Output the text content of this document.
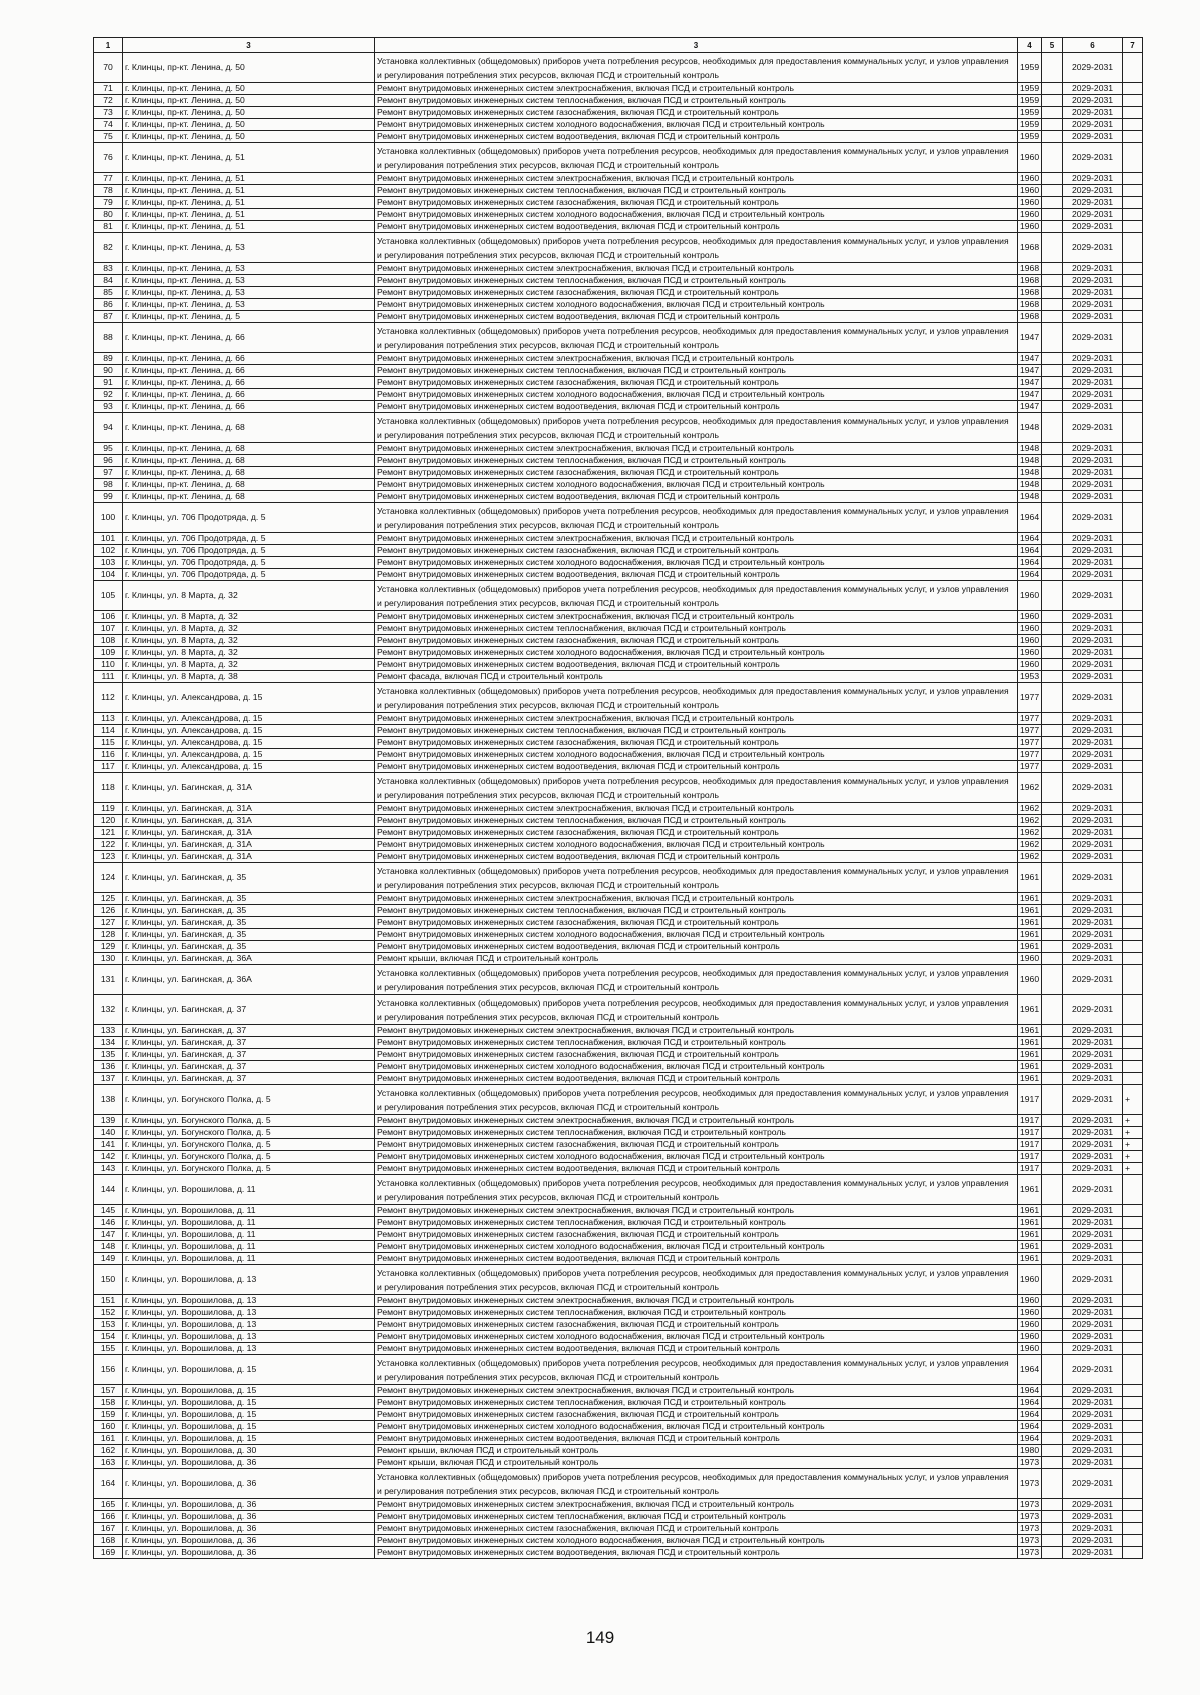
1	3	3	4	5	6	7
70	г. Клинцы, пр-кт. Ленина, д. 50	Установка коллективных (общедомовых) приборов учета потребления ресурсов, необходимых для предоставления коммунальных услуг, и узлов управления и регулирования потребления этих ресурсов, включая ПСД и строительный контроль	1959		2029-2031	
71	г. Клинцы, пр-кт. Ленина, д. 50	Ремонт внутридомовых инженерных систем электроснабжения, включая ПСД и строительный контроль	1959		2029-2031	
72	г. Клинцы, пр-кт. Ленина, д. 50	Ремонт внутридомовых инженерных систем теплоснабжения, включая ПСД и строительный контроль	1959		2029-2031	
73	г. Клинцы, пр-кт. Ленина, д. 50	Ремонт внутридомовых инженерных систем газоснабжения, включая ПСД и строительный контроль	1959		2029-2031	
74	г. Клинцы, пр-кт. Ленина, д. 50	Ремонт внутридомовых инженерных систем холодного водоснабжения, включая ПСД и строительный контроль	1959		2029-2031	
75	г. Клинцы, пр-кт. Ленина, д. 50	Ремонт внутридомовых инженерных систем водоотведения, включая ПСД и строительный контроль	1959		2029-2031	
76	г. Клинцы, пр-кт. Ленина, д. 51	Установка коллективных (общедомовых) приборов учета потребления ресурсов, необходимых для предоставления коммунальных услуг, и узлов управления и регулирования потребления этих ресурсов, включая ПСД и строительный контроль	1960		2029-2031	
77	г. Клинцы, пр-кт. Ленина, д. 51	Ремонт внутридомовых инженерных систем электроснабжения, включая ПСД и строительный контроль	1960		2029-2031	
78	г. Клинцы, пр-кт. Ленина, д. 51	Ремонт внутридомовых инженерных систем теплоснабжения, включая ПСД и строительный контроль	1960		2029-2031	
79	г. Клинцы, пр-кт. Ленина, д. 51	Ремонт внутридомовых инженерных систем газоснабжения, включая ПСД и строительный контроль	1960		2029-2031	
80	г. Клинцы, пр-кт. Ленина, д. 51	Ремонт внутридомовых инженерных систем холодного водоснабжения, включая ПСД и строительный контроль	1960		2029-2031	
81	г. Клинцы, пр-кт. Ленина, д. 51	Ремонт внутридомовых инженерных систем водоотведения, включая ПСД и строительный контроль	1960		2029-2031	
82	г. Клинцы, пр-кт. Ленина, д. 53	Установка коллективных (общедомовых) приборов учета потребления ресурсов, необходимых для предоставления коммунальных услуг, и узлов управления и регулирования потребления этих ресурсов, включая ПСД и строительный контроль	1968		2029-2031	
83	г. Клинцы, пр-кт. Ленина, д. 53	Ремонт внутридомовых инженерных систем электроснабжения, включая ПСД и строительный контроль	1968		2029-2031	
84	г. Клинцы, пр-кт. Ленина, д. 53	Ремонт внутридомовых инженерных систем теплоснабжения, включая ПСД и строительный контроль	1968		2029-2031	
85	г. Клинцы, пр-кт. Ленина, д. 53	Ремонт внутридомовых инженерных систем газоснабжения, включая ПСД и строительный контроль	1968		2029-2031	
86	г. Клинцы, пр-кт. Ленина, д. 53	Ремонт внутридомовых инженерных систем холодного водоснабжения, включая ПСД и строительный контроль	1968		2029-2031	
87	г. Клинцы, пр-кт. Ленина, д. 5	Ремонт внутридомовых инженерных систем водоотведения, включая ПСД и строительный контроль	1968		2029-2031	
88	г. Клинцы, пр-кт. Ленина, д. 66	Установка коллективных (общедомовых) приборов учета потребления ресурсов, необходимых для предоставления коммунальных услуг, и узлов управления и регулирования потребления этих ресурсов, включая ПСД и строительный контроль	1947		2029-2031	
89	г. Клинцы, пр-кт. Ленина, д. 66	Ремонт внутридомовых инженерных систем электроснабжения, включая ПСД и строительный контроль	1947		2029-2031	
90	г. Клинцы, пр-кт. Ленина, д. 66	Ремонт внутридомовых инженерных систем теплоснабжения, включая ПСД и строительный контроль	1947		2029-2031	
91	г. Клинцы, пр-кт. Ленина, д. 66	Ремонт внутридомовых инженерных систем газоснабжения, включая ПСД и строительный контроль	1947		2029-2031	
92	г. Клинцы, пр-кт. Ленина, д. 66	Ремонт внутридомовых инженерных систем холодного водоснабжения, включая ПСД и строительный контроль	1947		2029-2031	
93	г. Клинцы, пр-кт. Ленина, д. 66	Ремонт внутридомовых инженерных систем водоотведения, включая ПСД и строительный контроль	1947		2029-2031	
94	г. Клинцы, пр-кт. Ленина, д. 68	Установка коллективных (общедомовых) приборов учета потребления ресурсов, необходимых для предоставления коммунальных услуг, и узлов управления и регулирования потребления этих ресурсов, включая ПСД и строительный контроль	1948		2029-2031	
95	г. Клинцы, пр-кт. Ленина, д. 68	Ремонт внутридомовых инженерных систем электроснабжения, включая ПСД и строительный контроль	1948		2029-2031	
96	г. Клинцы, пр-кт. Ленина, д. 68	Ремонт внутридомовых инженерных систем теплоснабжения, включая ПСД и строительный контроль	1948		2029-2031	
97	г. Клинцы, пр-кт. Ленина, д. 68	Ремонт внутридомовых инженерных систем газоснабжения, включая ПСД и строительный контроль	1948		2029-2031	
98	г. Клинцы, пр-кт. Ленина, д. 68	Ремонт внутридомовых инженерных систем холодного водоснабжения, включая ПСД и строительный контроль	1948		2029-2031	
99	г. Клинцы, пр-кт. Ленина, д. 68	Ремонт внутридомовых инженерных систем водоотведения, включая ПСД и строительный контроль	1948		2029-2031	
100	г. Клинцы, ул. 706 Продотряда, д. 5	Установка коллективных (общедомовых) приборов учета потребления ресурсов, необходимых для предоставления коммунальных услуг, и узлов управления и регулирования потребления этих ресурсов, включая ПСД и строительный контроль	1964		2029-2031	
101	г. Клинцы, ул. 706 Продотряда, д. 5	Ремонт внутридомовых инженерных систем электроснабжения, включая ПСД и строительный контроль	1964		2029-2031	
102	г. Клинцы, ул. 706 Продотряда, д. 5	Ремонт внутридомовых инженерных систем газоснабжения, включая ПСД и строительный контроль	1964		2029-2031	
103	г. Клинцы, ул. 706 Продотряда, д. 5	Ремонт внутридомовых инженерных систем холодного водоснабжения, включая ПСД и строительный контроль	1964		2029-2031	
104	г. Клинцы, ул. 706 Продотряда, д. 5	Ремонт внутридомовых инженерных систем водоотведения, включая ПСД и строительный контроль	1964		2029-2031	
105	г. Клинцы, ул. 8 Марта, д. 32	Установка коллективных (общедомовых) приборов учета потребления ресурсов, необходимых для предоставления коммунальных услуг, и узлов управления и регулирования потребления этих ресурсов, включая ПСД и строительный контроль	1960		2029-2031	
106	г. Клинцы, ул. 8 Марта, д. 32	Ремонт внутридомовых инженерных систем электроснабжения, включая ПСД и строительный контроль	1960		2029-2031	
107	г. Клинцы, ул. 8 Марта, д. 32	Ремонт внутридомовых инженерных систем теплоснабжения, включая ПСД и строительный контроль	1960		2029-2031	
108	г. Клинцы, ул. 8 Марта, д. 32	Ремонт внутридомовых инженерных систем газоснабжения, включая ПСД и строительный контроль	1960		2029-2031	
109	г. Клинцы, ул. 8 Марта, д. 32	Ремонт внутридомовых инженерных систем холодного водоснабжения, включая ПСД и строительный контроль	1960		2029-2031	
110	г. Клинцы, ул. 8 Марта, д. 32	Ремонт внутридомовых инженерных систем водоотведения, включая ПСД и строительный контроль	1960		2029-2031	
111	г. Клинцы, ул. 8 Марта, д. 38	Ремонт фасада, включая ПСД и строительный контроль	1953		2029-2031	
112	г. Клинцы, ул. Александрова, д. 15	Установка коллективных (общедомовых) приборов учета потребления ресурсов, необходимых для предоставления коммунальных услуг, и узлов управления и регулирования потребления этих ресурсов, включая ПСД и строительный контроль	1977		2029-2031	
113	г. Клинцы, ул. Александрова, д. 15	Ремонт внутридомовых инженерных систем электроснабжения, включая ПСД и строительный контроль	1977		2029-2031	
114	г. Клинцы, ул. Александрова, д. 15	Ремонт внутридомовых инженерных систем теплоснабжения, включая ПСД и строительный контроль	1977		2029-2031	
115	г. Клинцы, ул. Александрова, д. 15	Ремонт внутридомовых инженерных систем газоснабжения, включая ПСД и строительный контроль	1977		2029-2031	
116	г. Клинцы, ул. Александрова, д. 15	Ремонт внутридомовых инженерных систем холодного водоснабжения, включая ПСД и строительный контроль	1977		2029-2031	
117	г. Клинцы, ул. Александрова, д. 15	Ремонт внутридомовых инженерных систем водоотведения, включая ПСД и строительный контроль	1977		2029-2031	
118	г. Клинцы, ул. Багинская, д. 31А	Установка коллективных (общедомовых) приборов учета потребления ресурсов, необходимых для предоставления коммунальных услуг, и узлов управления и регулирования потребления этих ресурсов, включая ПСД и строительный контроль	1962		2029-2031	
119	г. Клинцы, ул. Багинская, д. 31А	Ремонт внутридомовых инженерных систем электроснабжения, включая ПСД и строительный контроль	1962		2029-2031	
120	г. Клинцы, ул. Багинская, д. 31А	Ремонт внутридомовых инженерных систем теплоснабжения, включая ПСД и строительный контроль	1962		2029-2031	
121	г. Клинцы, ул. Багинская, д. 31А	Ремонт внутридомовых инженерных систем газоснабжения, включая ПСД и строительный контроль	1962		2029-2031	
122	г. Клинцы, ул. Багинская, д. 31А	Ремонт внутридомовых инженерных систем холодного водоснабжения, включая ПСД и строительный контроль	1962		2029-2031	
123	г. Клинцы, ул. Багинская, д. 31А	Ремонт внутридомовых инженерных систем водоотведения, включая ПСД и строительный контроль	1962		2029-2031	
124	г. Клинцы, ул. Багинская, д. 35	Установка коллективных (общедомовых) приборов учета потребления ресурсов, необходимых для предоставления коммунальных услуг, и узлов управления и регулирования потребления этих ресурсов, включая ПСД и строительный контроль	1961		2029-2031	
125	г. Клинцы, ул. Багинская, д. 35	Ремонт внутридомовых инженерных систем электроснабжения, включая ПСД и строительный контроль	1961		2029-2031	
126	г. Клинцы, ул. Багинская, д. 35	Ремонт внутридомовых инженерных систем теплоснабжения, включая ПСД и строительный контроль	1961		2029-2031	
127	г. Клинцы, ул. Багинская, д. 35	Ремонт внутридомовых инженерных систем газоснабжения, включая ПСД и строительный контроль	1961		2029-2031	
128	г. Клинцы, ул. Багинская, д. 35	Ремонт внутридомовых инженерных систем холодного водоснабжения, включая ПСД и строительный контроль	1961		2029-2031	
129	г. Клинцы, ул. Багинская, д. 35	Ремонт внутридомовых инженерных систем водоотведения, включая ПСД и строительный контроль	1961		2029-2031	
130	г. Клинцы, ул. Багинская, д. 36А	Ремонт крыши, включая ПСД и строительный контроль	1960		2029-2031	
131	г. Клинцы, ул. Багинская, д. 36А	Установка коллективных (общедомовых) приборов учета потребления ресурсов, необходимых для предоставления коммунальных услуг, и узлов управления и регулирования потребления этих ресурсов, включая ПСД и строительный контроль	1960		2029-2031	
132	г. Клинцы, ул. Багинская, д. 37	Установка коллективных (общедомовых) приборов учета потребления ресурсов, необходимых для предоставления коммунальных услуг, и узлов управления и регулирования потребления этих ресурсов, включая ПСД и строительный контроль	1961		2029-2031	
133	г. Клинцы, ул. Багинская, д. 37	Ремонт внутридомовых инженерных систем электроснабжения, включая ПСД и строительный контроль	1961		2029-2031	
134	г. Клинцы, ул. Багинская, д. 37	Ремонт внутридомовых инженерных систем теплоснабжения, включая ПСД и строительный контроль	1961		2029-2031	
135	г. Клинцы, ул. Багинская, д. 37	Ремонт внутридомовых инженерных систем газоснабжения, включая ПСД и строительный контроль	1961		2029-2031	
136	г. Клинцы, ул. Багинская, д. 37	Ремонт внутридомовых инженерных систем холодного водоснабжения, включая ПСД и строительный контроль	1961		2029-2031	
137	г. Клинцы, ул. Багинская, д. 37	Ремонт внутридомовых инженерных систем водоотведения, включая ПСД и строительный контроль	1961		2029-2031	
138	г. Клинцы, ул. Богунского Полка, д. 5	Установка коллективных (общедомовых) приборов учета потребления ресурсов, необходимых для предоставления коммунальных услуг, и узлов управления и регулирования потребления этих ресурсов, включая ПСД и строительный контроль	1917		2029-2031	+
139	г. Клинцы, ул. Богунского Полка, д. 5	Ремонт внутридомовых инженерных систем электроснабжения, включая ПСД и строительный контроль	1917		2029-2031	+
140	г. Клинцы, ул. Богунского Полка, д. 5	Ремонт внутридомовых инженерных систем теплоснабжения, включая ПСД и строительный контроль	1917		2029-2031	+
141	г. Клинцы, ул. Богунского Полка, д. 5	Ремонт внутридомовых инженерных систем газоснабжения, включая ПСД и строительный контроль	1917		2029-2031	+
142	г. Клинцы, ул. Богунского Полка, д. 5	Ремонт внутридомовых инженерных систем холодного водоснабжения, включая ПСД и строительный контроль	1917		2029-2031	+
143	г. Клинцы, ул. Богунского Полка, д. 5	Ремонт внутридомовых инженерных систем водоотведения, включая ПСД и строительный контроль	1917		2029-2031	+
144	г. Клинцы, ул. Ворошилова, д. 11	Установка коллективных (общедомовых) приборов учета потребления ресурсов, необходимых для предоставления коммунальных услуг, и узлов управления и регулирования потребления этих ресурсов, включая ПСД и строительный контроль	1961		2029-2031	
145	г. Клинцы, ул. Ворошилова, д. 11	Ремонт внутридомовых инженерных систем электроснабжения, включая ПСД и строительный контроль	1961		2029-2031	
146	г. Клинцы, ул. Ворошилова, д. 11	Ремонт внутридомовых инженерных систем теплоснабжения, включая ПСД и строительный контроль	1961		2029-2031	
147	г. Клинцы, ул. Ворошилова, д. 11	Ремонт внутридомовых инженерных систем газоснабжения, включая ПСД и строительный контроль	1961		2029-2031	
148	г. Клинцы, ул. Ворошилова, д. 11	Ремонт внутридомовых инженерных систем холодного водоснабжения, включая ПСД и строительный контроль	1961		2029-2031	
149	г. Клинцы, ул. Ворошилова, д. 11	Ремонт внутридомовых инженерных систем водоотведения, включая ПСД и строительный контроль	1961		2029-2031	
150	г. Клинцы, ул. Ворошилова, д. 13	Установка коллективных (общедомовых) приборов учета потребления ресурсов, необходимых для предоставления коммунальных услуг, и узлов управления и регулирования потребления этих ресурсов, включая ПСД и строительный контроль	1960		2029-2031	
151	г. Клинцы, ул. Ворошилова, д. 13	Ремонт внутридомовых инженерных систем электроснабжения, включая ПСД и строительный контроль	1960		2029-2031	
152	г. Клинцы, ул. Ворошилова, д. 13	Ремонт внутридомовых инженерных систем теплоснабжения, включая ПСД и строительный контроль	1960		2029-2031	
153	г. Клинцы, ул. Ворошилова, д. 13	Ремонт внутридомовых инженерных систем газоснабжения, включая ПСД и строительный контроль	1960		2029-2031	
154	г. Клинцы, ул. Ворошилова, д. 13	Ремонт внутридомовых инженерных систем холодного водоснабжения, включая ПСД и строительный контроль	1960		2029-2031	
155	г. Клинцы, ул. Ворошилова, д. 13	Ремонт внутридомовых инженерных систем водоотведения, включая ПСД и строительный контроль	1960		2029-2031	
156	г. Клинцы, ул. Ворошилова, д. 15	Установка коллективных (общедомовых) приборов учета потребления ресурсов, необходимых для предоставления коммунальных услуг, и узлов управления и регулирования потребления этих ресурсов, включая ПСД и строительный контроль	1964		2029-2031	
157	г. Клинцы, ул. Ворошилова, д. 15	Ремонт внутридомовых инженерных систем электроснабжения, включая ПСД и строительный контроль	1964		2029-2031	
158	г. Клинцы, ул. Ворошилова, д. 15	Ремонт внутридомовых инженерных систем теплоснабжения, включая ПСД и строительный контроль	1964		2029-2031	
159	г. Клинцы, ул. Ворошилова, д. 15	Ремонт внутридомовых инженерных систем газоснабжения, включая ПСД и строительный контроль	1964		2029-2031	
160	г. Клинцы, ул. Ворошилова, д. 15	Ремонт внутридомовых инженерных систем холодного водоснабжения, включая ПСД и строительный контроль	1964		2029-2031	
161	г. Клинцы, ул. Ворошилова, д. 15	Ремонт внутридомовых инженерных систем водоотведения, включая ПСД и строительный контроль	1964		2029-2031	
162	г. Клинцы, ул. Ворошилова, д. 30	Ремонт крыши, включая ПСД и строительный контроль	1980		2029-2031	
163	г. Клинцы, ул. Ворошилова, д. 36	Ремонт крыши, включая ПСД и строительный контроль	1973		2029-2031	
164	г. Клинцы, ул. Ворошилова, д. 36	Установка коллективных (общедомовых) приборов учета потребления ресурсов, необходимых для предоставления коммунальных услуг, и узлов управления и регулирования потребления этих ресурсов, включая ПСД и строительный контроль	1973		2029-2031	
165	г. Клинцы, ул. Ворошилова, д. 36	Ремонт внутридомовых инженерных систем электроснабжения, включая ПСД и строительный контроль	1973		2029-2031	
166	г. Клинцы, ул. Ворошилова, д. 36	Ремонт внутридомовых инженерных систем теплоснабжения, включая ПСД и строительный контроль	1973		2029-2031	
167	г. Клинцы, ул. Ворошилова, д. 36	Ремонт внутридомовых инженерных систем газоснабжения, включая ПСД и строительный контроль	1973		2029-2031	
168	г. Клинцы, ул. Ворошилова, д. 36	Ремонт внутридомовых инженерных систем холодного водоснабжения, включая ПСД и строительный контроль	1973		2029-2031	
169	г. Клинцы, ул. Ворошилова, д. 36	Ремонт внутридомовых инженерных систем водоотведения, включая ПСД и строительный контроль	1973		2029-2031	
149
